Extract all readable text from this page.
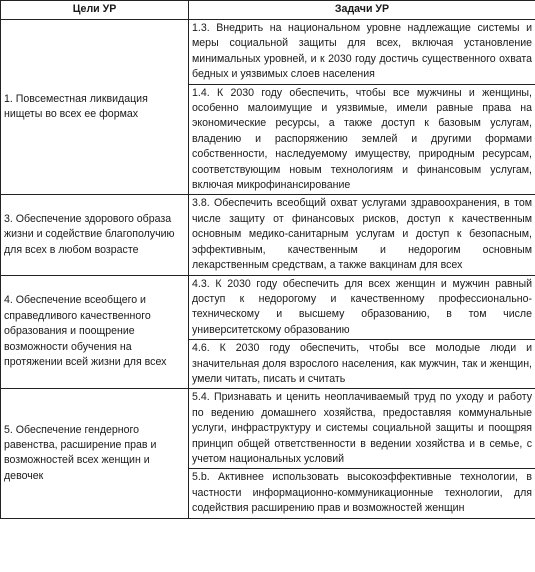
Цели УР	Задачи УР
1. Повсеместная ликвидация нищеты во всех ее формах	1.3. Внедрить на национальном уровне надлежащие системы и меры социальной защиты для всех, включая установление минимальных уровней, и к 2030 году достичь существенного охвата бедных и уязвимых слоев населения
	1.4. К 2030 году обеспечить, чтобы все мужчины и женщины, особенно малоимущие и уязвимые, имели равные права на экономические ресурсы, а также доступ к базовым услугам, владению и распоряжению землей и другими формами собственности, наследуемому имуществу, природным ресурсам, соответствующим новым технологиям и финансовым услугам, включая микрофинансирование
3. Обеспечение здорового образа жизни и содействие благополучию для всех в любом возрасте	3.8. Обеспечить всеобщий охват услугами здравоохранения, в том числе защиту от финансовых рисков, доступ к качественным основным медико-санитарным услугам и доступ к безопасным, эффективным, качественным и недорогим основным лекарственным средствам, а также вакцинам для всех
4. Обеспечение всеобщего и справедливого качественного образования и поощрение возможности обучения на протяжении всей жизни для всех	4.3. К 2030 году обеспечить для всех женщин и мужчин равный доступ к недорогому и качественному профессионально-техническому и высшему образованию, в том числе университетскому образованию
	4.6. К 2030 году обеспечить, чтобы все молодые люди и значительная доля взрослого населения, как мужчин, так и женщин, умели читать, писать и считать
5. Обеспечение гендерного равенства, расширение прав и возможностей всех женщин и девочек	5.4. Признавать и ценить неоплачиваемый труд по уходу и работу по ведению домашнего хозяйства, предоставляя коммунальные услуги, инфраструктуру и системы социальной защиты и поощряя принцип общей ответственности в ведении хозяйства и в семье, с учетом национальных условий
	5.b. Активнее использовать высокоэффективные технологии, в частности информационно-коммуникационные технологии, для содействия расширению прав и возможностей женщин
